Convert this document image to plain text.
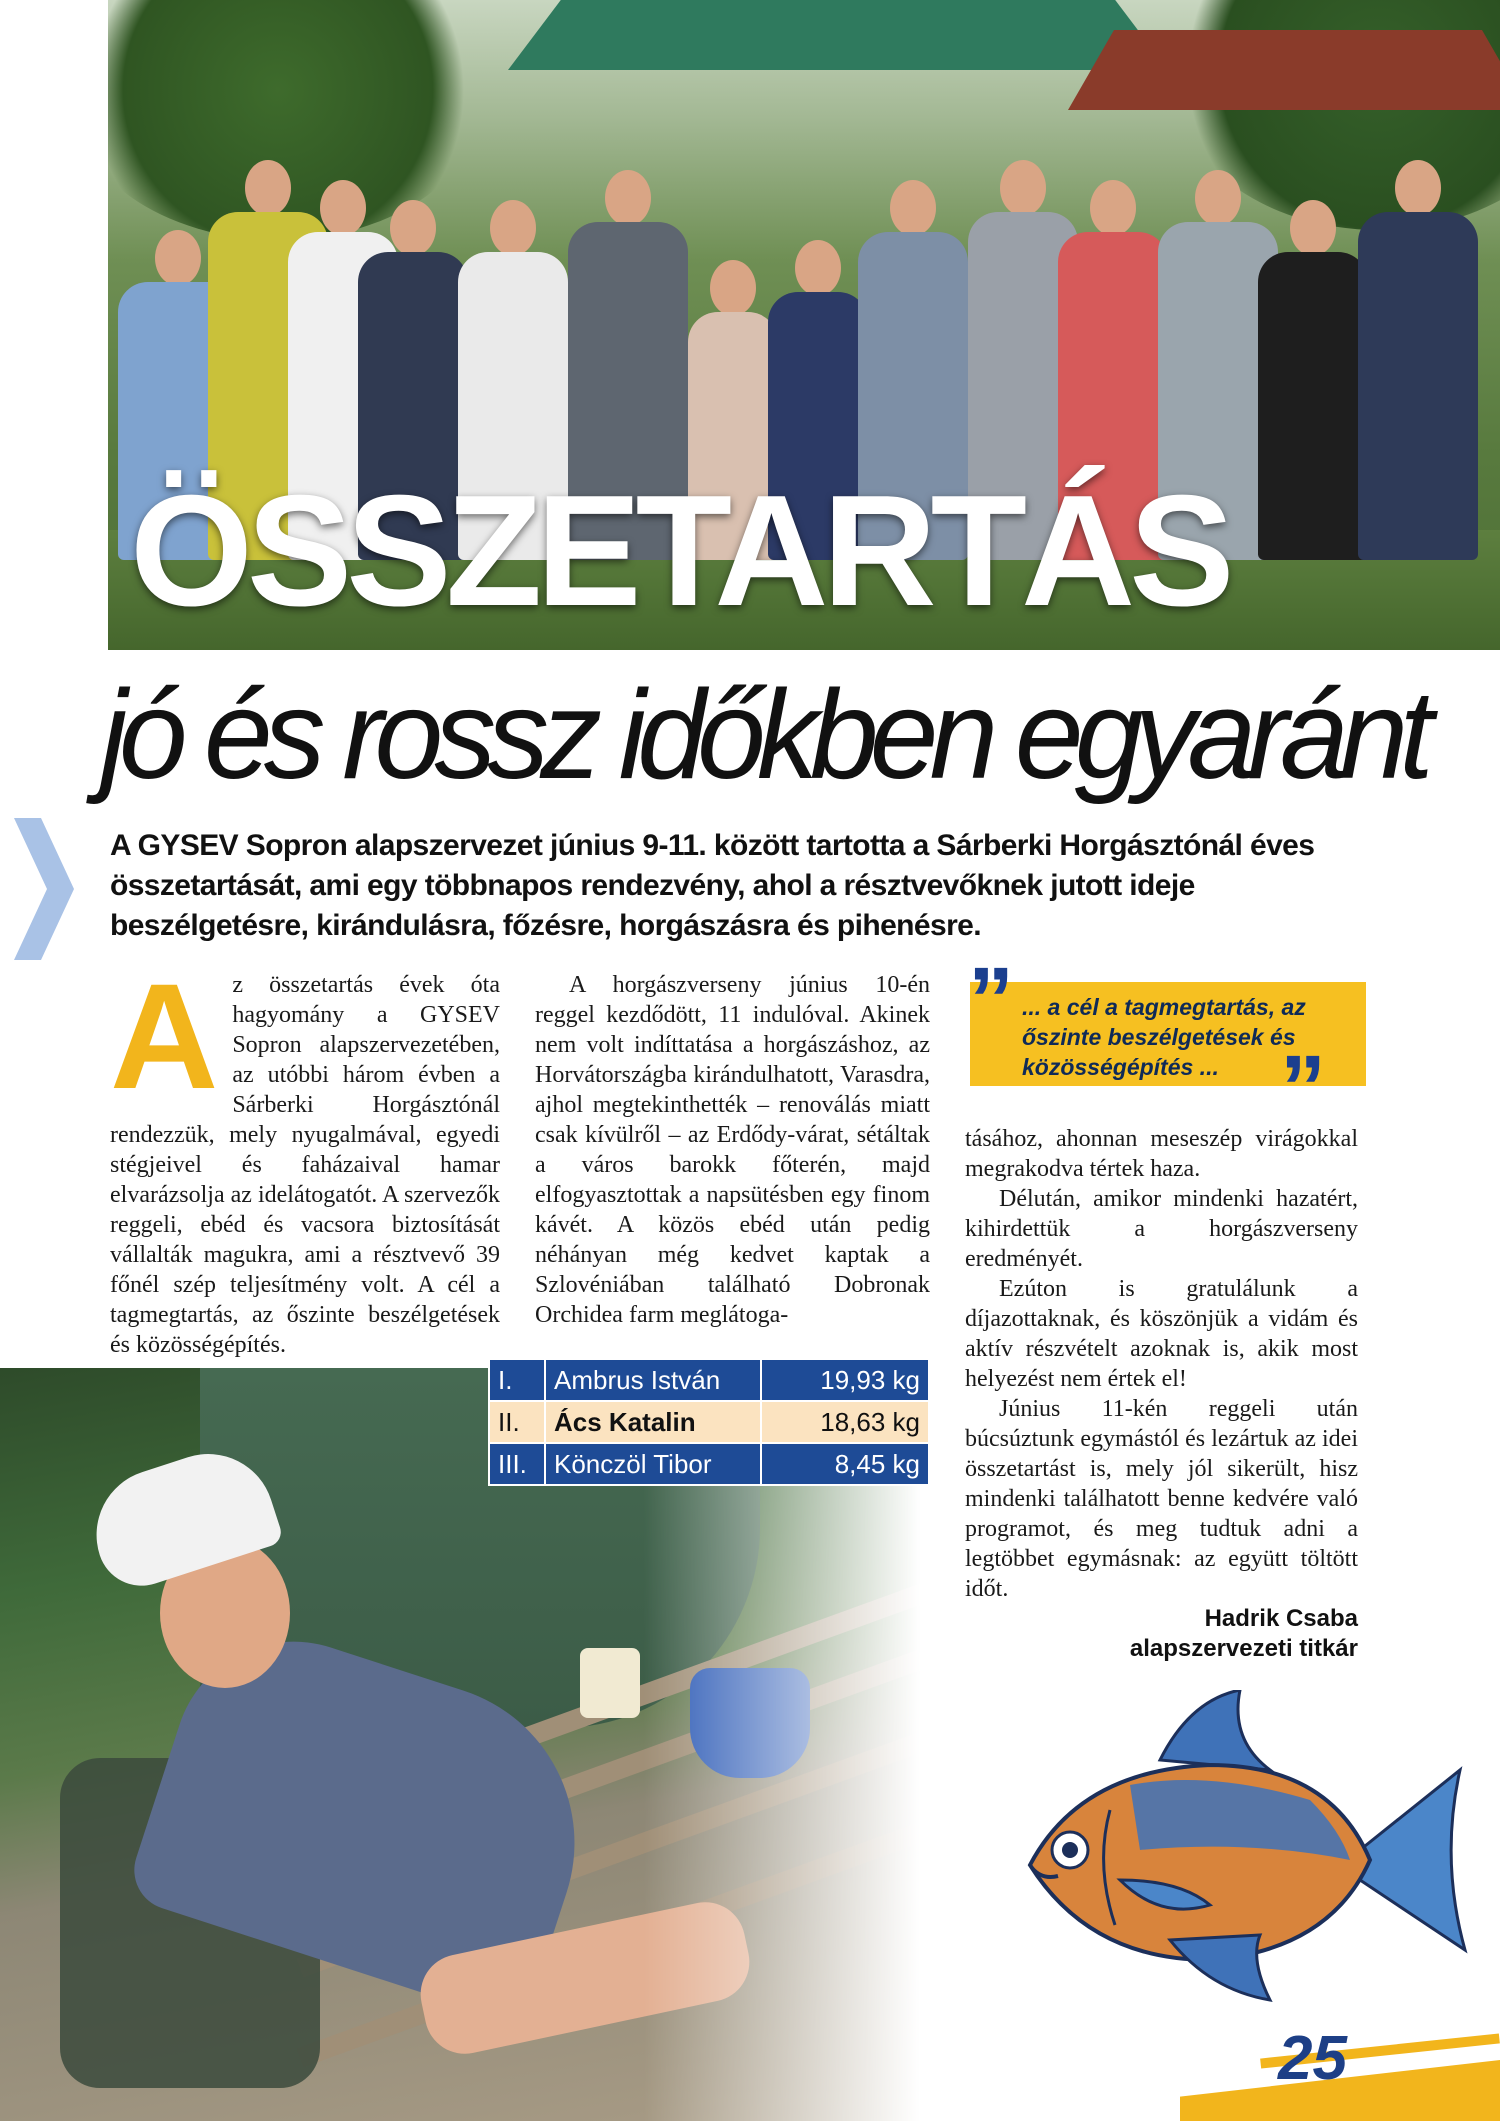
ÖSSZETARTÁS
jó és rossz időkben egyaránt

A GYSEV Sopron alapszervezet június 9-11. között tartotta a Sárberki Horgásztónál éves összetartását, ami egy többnapos rendezvény, ahol a résztvevőknek jutott ideje beszélgetésre, kirándulásra, főzésre, horgászásra és pihenésre.

A z összetartás évek óta hagyomány a GYSEV Sopron alapszervezetében, az utóbbi három évben a Sárberki Horgásztónál rendezzük, mely nyugalmával, egyedi stégjeivel és faházaival hamar elvarázsolja az idelátogatót. A szervezők reggeli, ebéd és vacsora biztosítását vállalták magukra, ami a résztvevő 39 főnél szép teljesítmény volt. A cél a tagmegtartás, az őszinte beszélgetések és közösségépítés.

A horgászverseny június 10-én reggel kezdődött, 11 indulóval. Akinek nem volt indíttatása a horgászáshoz, az Horvátországba kirándulhatott, Varasdra, ajhol megtekinthették – renoválás miatt csak kívülről – az Erdődy-várat, sétáltak a város barokk főterén, majd elfogyasztottak a napsütésben egy finom kávét. A közös ebéd után pedig néhányan még kedvet kaptak a Szlovéniában található Dobronak Orchidea farm meglátoga-

” ... a cél a tagmegtartás, az őszinte beszélgetések és közösségépítés ... ”

tásához, ahonnan meseszép virágokkal megrakodva tértek haza.

Délután, amikor mindenki hazatért, kihirdettük a horgászverseny eredményét.

Ezúton is gratulálunk a díjazottaknak, és köszönjük a vidám és aktív részvételt azoknak is, akik most helyezést nem értek el!

Június 11-kén reggeli után búcsúztunk egymástól és lezártuk az idei összetartást is, mely jól sikerült, hisz mindenki találhatott benne kedvére való programot, és meg tudtuk adni a legtöbbet egymásnak: az együtt töltött időt.

Hadrik Csaba
alapszervezeti titkár
I.	Ambrus István	19,93 kg
II.	Ács Katalin	18,63 kg
III.	Könczöl Tibor	8,45 kg
25
